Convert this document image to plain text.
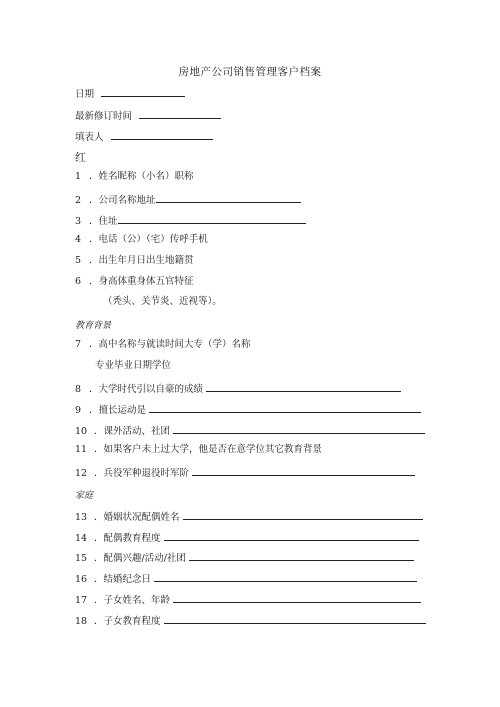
房地产公司销售管理客户档案
日期
最新修订时间
填表人
红
1 ．姓名昵称（小名）职称
2 ．公司名称地址
3 ．住址
4 ．电话（公）（宅）传呼手机
5 ．出生年月日出生地籍贯
6 ．身高体重身体五官特征
（秃头、关节炎、近视等）。
教育背景
7 ．高中名称与就读时间大专（学）名称
专业毕业日期学位
8 ．大学时代引以自豪的成绩
9 ．擅长运动是
10 ．课外活动、社团
11 ．如果客户未上过大学，他是否在意学位其它教育背景
12 ．兵役军种退役时军阶
家庭
13 ．婚姻状况配偶姓名
14 ．配偶教育程度
15 ．配偶兴趣/活动/社团
16 ．结婚纪念日
17 ．子女姓名、年龄
18 ．子女教育程度
